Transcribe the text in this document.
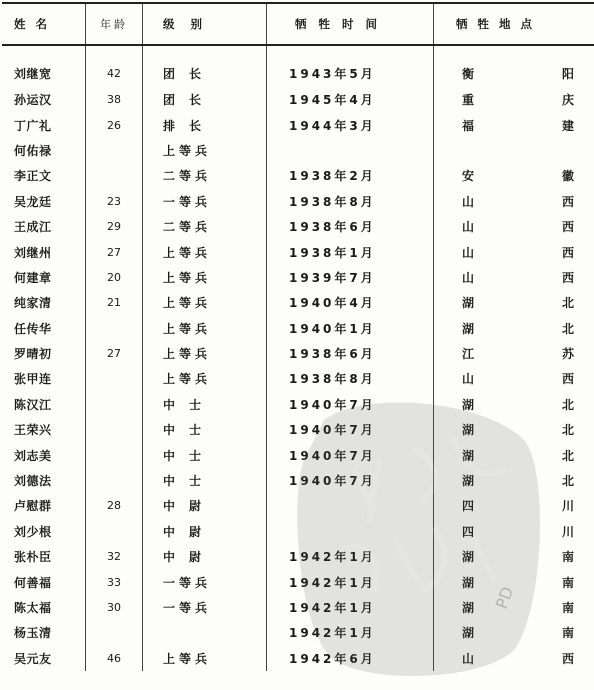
姓名	年龄	级别	牺牲时间	牺牲地点
刘继宽	42	团长	1943年5月	衡 阳

孙运汉	38	团长	1945年4月	重 庆

丁广礼	26	排长	1944年3月	福 建

何佑禄		上等兵		

李正文		二等兵	1938年2月	安 徽

吴龙廷	23	一等兵	1938年8月	山 西

王成江	29	二等兵	1938年6月	山 西

刘继州	27	上等兵	1938年1月	山 西

何建章	20	上等兵	1939年7月	山 西

纯家清	21	上等兵	1940年4月	湖 北

任传华		上等兵	1940年1月	湖 北

罗晴初	27	上等兵	1938年6月	江 苏

张甲连		上等兵	1938年8月	山 西

陈汉江		中士	1940年7月	湖 北

王荣兴		中士	1940年7月	湖 北

刘志美		中士	1940年7月	湖 北

刘德法		中士	1940年7月	湖 北

卢慰群	28	中尉		四 川

刘少根		中尉		四 川

张朴臣	32	中尉	1942年1月	湖 南

何善福	33	一等兵	1942年1月	湖 南

陈太福	30	一等兵	1942年1月	湖 南

杨玉清			1942年1月	湖 南

吴元友	46	上等兵	1942年6月	山 西
PD
